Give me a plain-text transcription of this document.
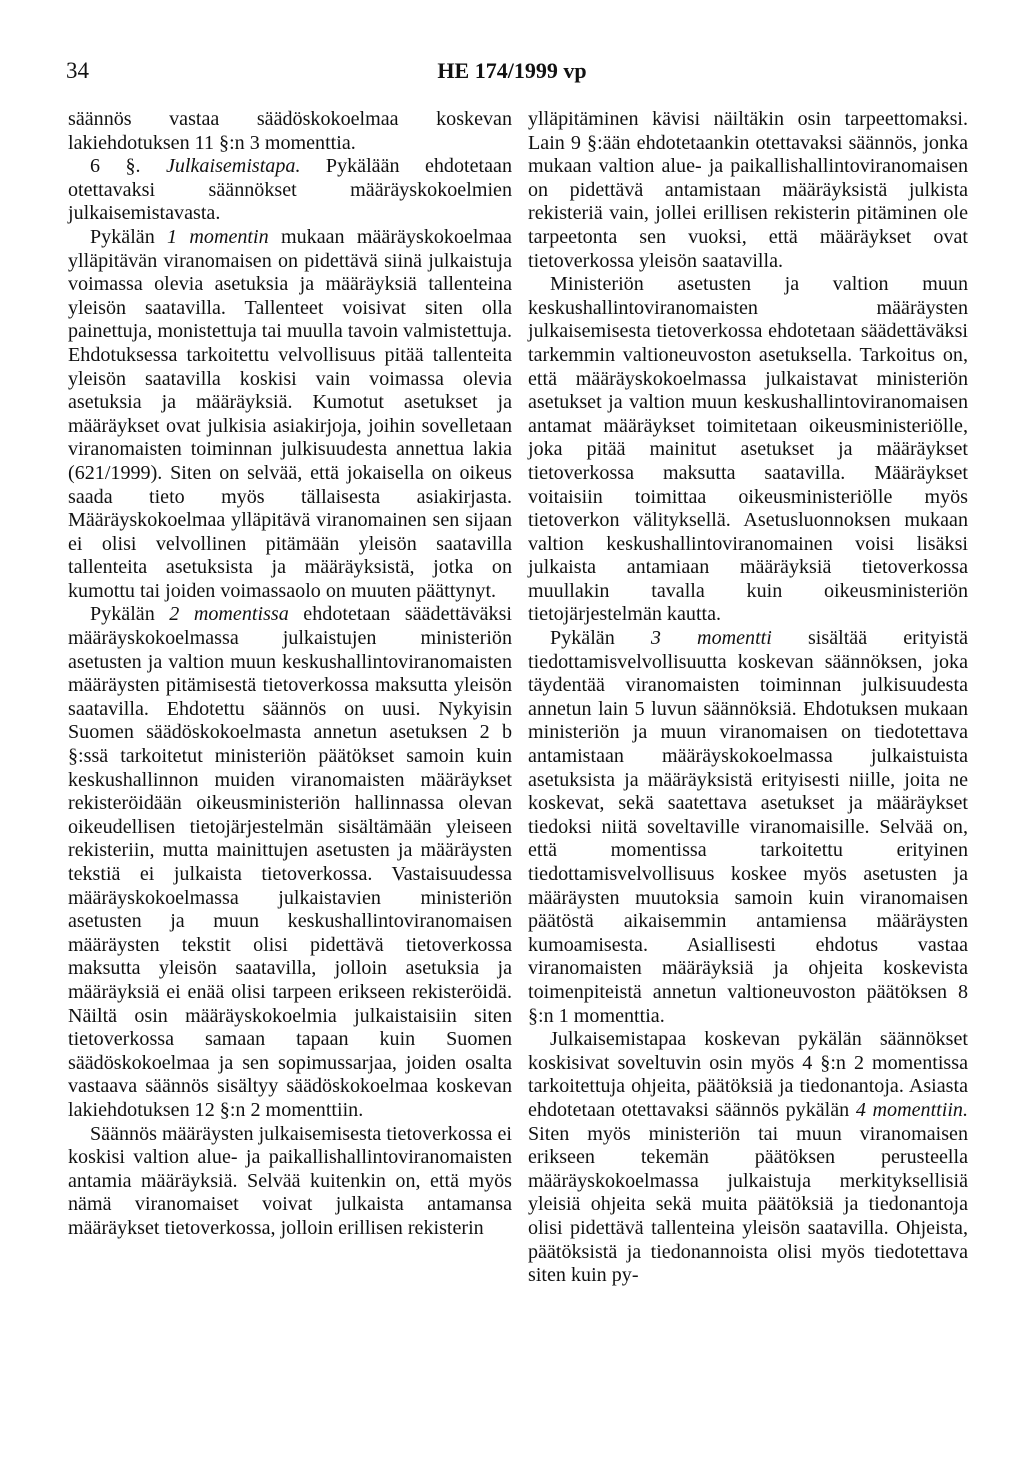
34	HE 174/1999 vp

säännös vastaa säädöskokoelmaa koskevan lakiehdotuksen 11 §:n 3 momenttia.

6 §. Julkaisemistapa. Pykälään ehdotetaan otettavaksi säännökset määräyskokoelmien julkaisemistavasta.

Pykälän 1 momentin mukaan määräyskokoelmaa ylläpitävän viranomaisen on pidettävä siinä julkaistuja voimassa olevia asetuksia ja määräyksiä tallenteina yleisön saatavilla. Tallenteet voisivat siten olla painettuja, monistettuja tai muulla tavoin valmistettuja. Ehdotuksessa tarkoitettu velvollisuus pitää tallenteita yleisön saatavilla koskisi vain voimassa olevia asetuksia ja määräyksiä. Kumotut asetukset ja määräykset ovat julkisia asiakirjoja, joihin sovelletaan viranomaisten toiminnan julkisuudesta annettua lakia (621/1999). Siten on selvää, että jokaisella on oikeus saada tieto myös tällaisesta asiakirjasta. Määräyskokoelmaa ylläpitävä viranomainen sen sijaan ei olisi velvollinen pitämään yleisön saatavilla tallenteita asetuksista ja määräyksistä, jotka on kumottu tai joiden voimassaolo on muuten päättynyt.

Pykälän 2 momentissa ehdotetaan säädettäväksi määräyskokoelmassa julkaistujen ministeriön asetusten ja valtion muun keskushallintoviranomaisten määräysten pitämisestä tietoverkossa maksutta yleisön saatavilla. Ehdotettu säännös on uusi. Nykyisin Suomen säädöskokoelmasta annetun asetuksen 2 b §:ssä tarkoitetut ministeriön päätökset samoin kuin keskushallinnon muiden viranomaisten määräykset rekisteröidään oikeusministeriön hallinnassa olevan oikeudellisen tietojärjestelmän sisältämään yleiseen rekisteriin, mutta mainittujen asetusten ja määräysten tekstiä ei julkaista tietoverkossa. Vastaisuudessa määräyskokoelmassa julkaistavien ministeriön asetusten ja muun keskushallintoviranomaisen määräysten tekstit olisi pidettävä tietoverkossa maksutta yleisön saatavilla, jolloin asetuksia ja määräyksiä ei enää olisi tarpeen erikseen rekisteröidä. Näiltä osin määräyskokoelmia julkaistaisiin siten tietoverkossa samaan tapaan kuin Suomen säädöskokoelmaa ja sen sopimussarjaa, joiden osalta vastaava säännös sisältyy säädöskokoelmaa koskevan lakiehdotuksen 12 §:n 2 momenttiin.

Säännös määräysten julkaisemisesta tietoverkossa ei koskisi valtion alue- ja paikallishallintoviranomaisten antamia määräyksiä. Selvää kuitenkin on, että myös nämä viranomaiset voivat julkaista antamansa määräykset tietoverkossa, jolloin erillisen rekisterin

ylläpitäminen kävisi näiltäkin osin tarpeettomaksi. Lain 9 §:ään ehdotetaankin otettavaksi säännös, jonka mukaan valtion alue- ja paikallishallintoviranomaisen on pidettävä antamistaan määräyksistä julkista rekisteriä vain, jollei erillisen rekisterin pitäminen ole tarpeetonta sen vuoksi, että määräykset ovat tietoverkossa yleisön saatavilla.

Ministeriön asetusten ja valtion muun keskushallintoviranomaisten määräysten julkaisemisesta tietoverkossa ehdotetaan säädettäväksi tarkemmin valtioneuvoston asetuksella. Tarkoitus on, että määräyskokoelmassa julkaistavat ministeriön asetukset ja valtion muun keskushallintoviranomaisen antamat määräykset toimitetaan oikeusministeriölle, joka pitää mainitut asetukset ja määräykset tietoverkossa maksutta saatavilla. Määräykset voitaisiin toimittaa oikeusministeriölle myös tietoverkon välityksellä. Asetusluonnoksen mukaan valtion keskushallintoviranomainen voisi lisäksi julkaista antamiaan määräyksiä tietoverkossa muullakin tavalla kuin oikeusministeriön tietojärjestelmän kautta.

Pykälän 3 momentti sisältää erityistä tiedottamisvelvollisuutta koskevan säännöksen, joka täydentää viranomaisten toiminnan julkisuudesta annetun lain 5 luvun säännöksiä. Ehdotuksen mukaan ministeriön ja muun viranomaisen on tiedotettava antamistaan määräyskokoelmassa julkaistuista asetuksista ja määräyksistä erityisesti niille, joita ne koskevat, sekä saatettava asetukset ja määräykset tiedoksi niitä soveltaville viranomaisille. Selvää on, että momentissa tarkoitettu erityinen tiedottamisvelvollisuus koskee myös asetusten ja määräysten muutoksia samoin kuin viranomaisen päätöstä aikaisemmin antamiensa määräysten kumoamisesta. Asiallisesti ehdotus vastaa viranomaisten määräyksiä ja ohjeita koskevista toimenpiteistä annetun valtioneuvoston päätöksen 8 §:n 1 momenttia.

Julkaisemistapaa koskevan pykälän säännökset koskisivat soveltuvin osin myös 4 §:n 2 momentissa tarkoitettuja ohjeita, päätöksiä ja tiedonantoja. Asiasta ehdotetaan otettavaksi säännös pykälän 4 momenttiin. Siten myös ministeriön tai muun viranomaisen erikseen tekemän päätöksen perusteella määräyskokoelmassa julkaistuja merkityksellisiä yleisiä ohjeita sekä muita päätöksiä ja tiedonantoja olisi pidettävä tallenteina yleisön saatavilla. Ohjeista, päätöksistä ja tiedonannoista olisi myös tiedotettava siten kuin py-
